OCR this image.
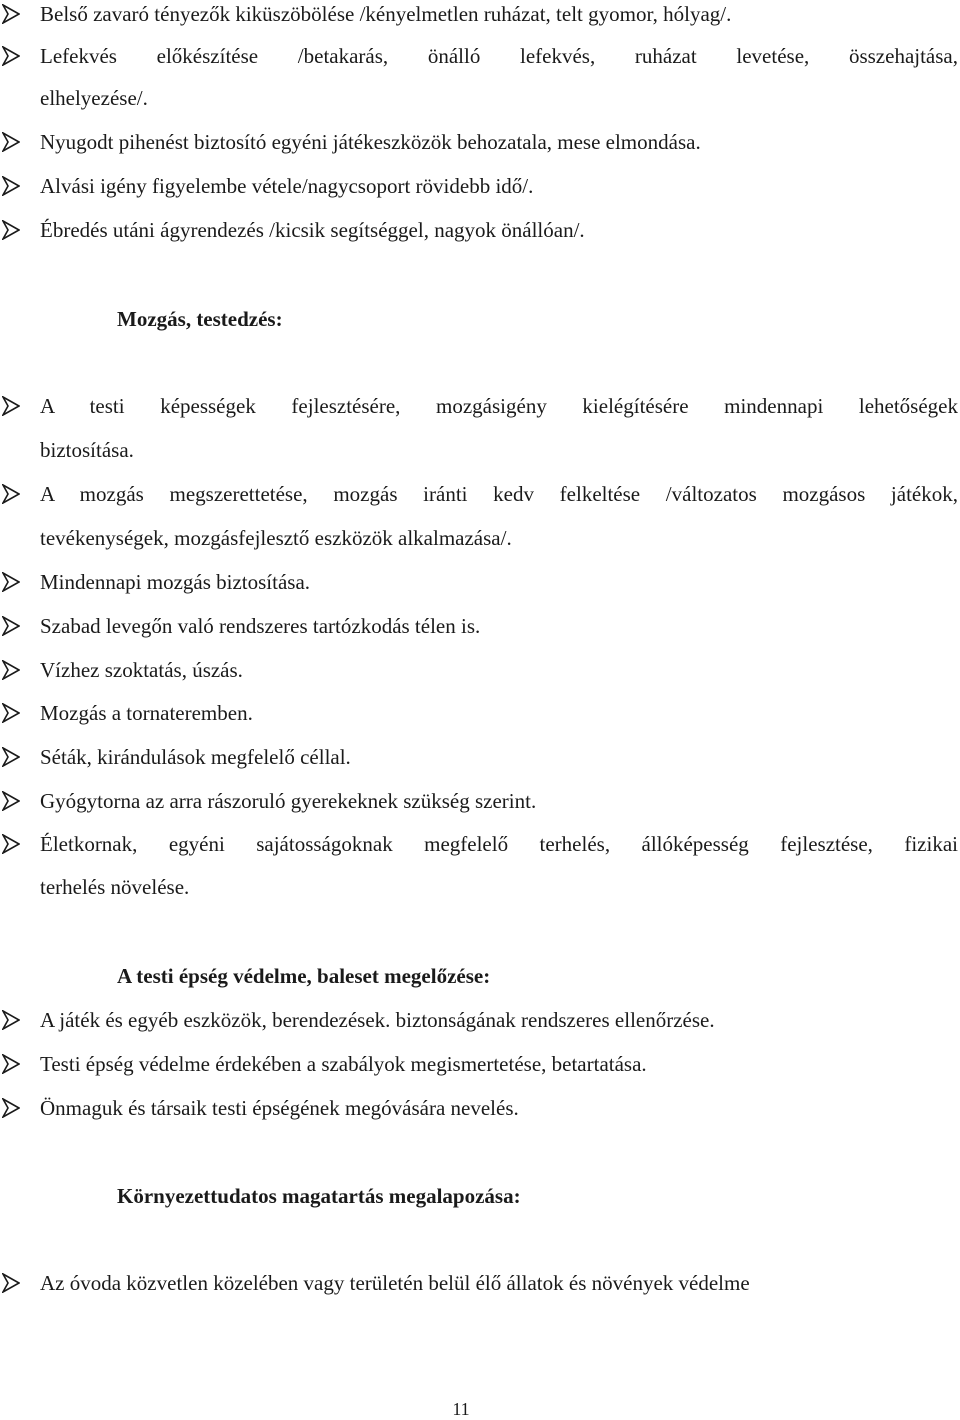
Belső zavaró tényezők kiküszöbölése /kényelmetlen ruházat, telt gyomor, hólyag/.
Lefekvés előkészítése /betakarás, önálló lefekvés, ruházat levetése, összehajtása,
elhelyezése/.
Nyugodt pihenést biztosító egyéni játékeszközök behozatala, mese elmondása.
Alvási igény figyelembe vétele/nagycsoport rövidebb idő/.
Ébredés utáni ágyrendezés /kicsik segítséggel, nagyok önállóan/.
Mozgás, testedzés:
A testi képességek fejlesztésére, mozgásigény kielégítésére mindennapi lehetőségek
biztosítása.
A mozgás megszerettetése, mozgás iránti kedv felkeltése /változatos mozgásos játékok,
tevékenységek, mozgásfejlesztő eszközök alkalmazása/.
Mindennapi mozgás biztosítása.
Szabad levegőn való rendszeres tartózkodás télen is.
Vízhez szoktatás, úszás.
Mozgás a tornateremben.
Séták, kirándulások megfelelő céllal.
Gyógytorna az arra rászoruló gyerekeknek szükség szerint.
Életkornak, egyéni sajátosságoknak megfelelő terhelés, állóképesség fejlesztése, fizikai
terhelés növelése.
A testi épség védelme, baleset megelőzése:
A játék és egyéb eszközök, berendezések. biztonságának rendszeres ellenőrzése.
Testi épség védelme érdekében a szabályok megismertetése, betartatása.
Önmaguk és társaik testi épségének megóvására nevelés.
Környezettudatos magatartás megalapozása:
Az óvoda közvetlen közelében vagy területén belül élő állatok és növények védelme
11
